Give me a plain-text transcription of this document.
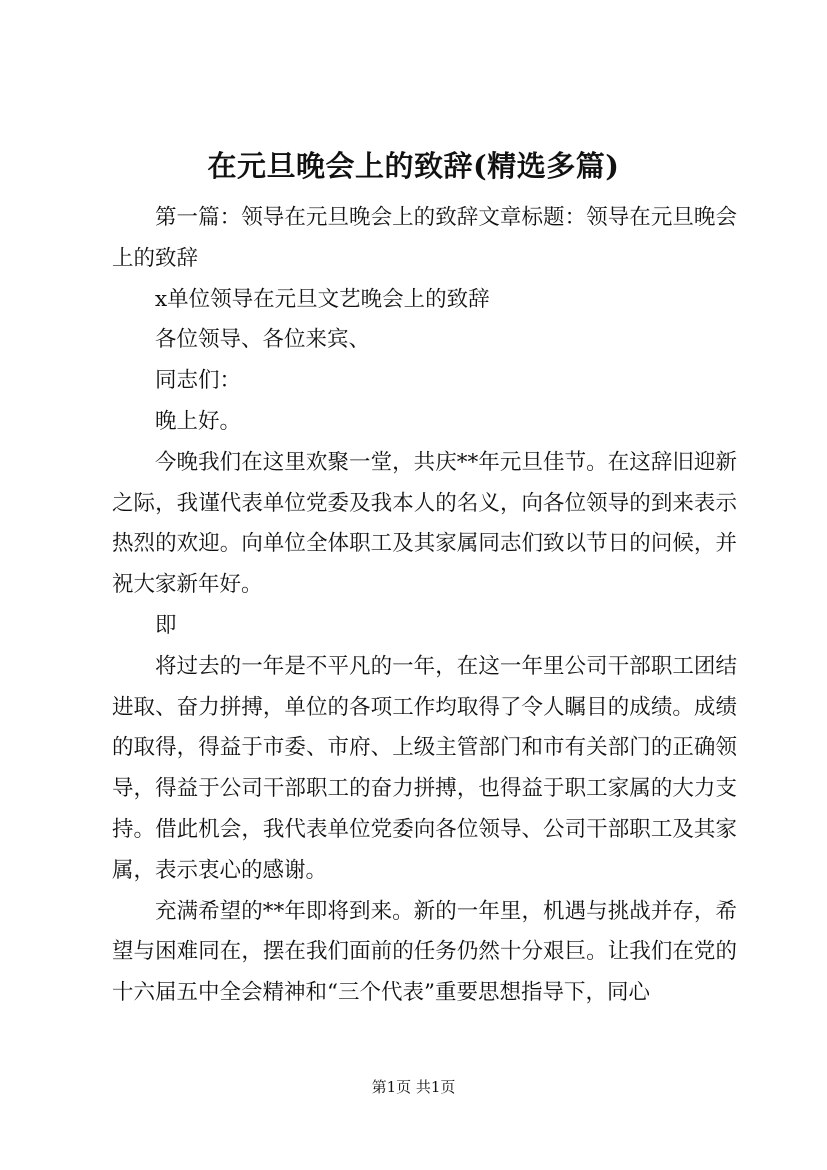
在元旦晚会上的致辞(精选多篇)

第一篇：领导在元旦晚会上的致辞文章标题：领导在元旦晚会上的致辞

x单位领导在元旦文艺晚会上的致辞

各位领导、各位来宾、

同志们：

晚上好。

今晚我们在这里欢聚一堂，共庆**年元旦佳节。在这辞旧迎新之际，我谨代表单位党委及我本人的名义，向各位领导的到来表示热烈的欢迎。向单位全体职工及其家属同志们致以节日的问候，并祝大家新年好。

即

将过去的一年是不平凡的一年，在这一年里公司干部职工团结进取、奋力拼搏，单位的各项工作均取得了令人瞩目的成绩。成绩的取得，得益于市委、市府、上级主管部门和市有关部门的正确领导，得益于公司干部职工的奋力拼搏，也得益于职工家属的大力支持。借此机会，我代表单位党委向各位领导、公司干部职工及其家属，表示衷心的感谢。

充满希望的**年即将到来。新的一年里，机遇与挑战并存，希望与困难同在，摆在我们面前的任务仍然十分艰巨。让我们在党的十六届五中全会精神和“三个代表”重要思想指导下，同心

第1页 共1页
